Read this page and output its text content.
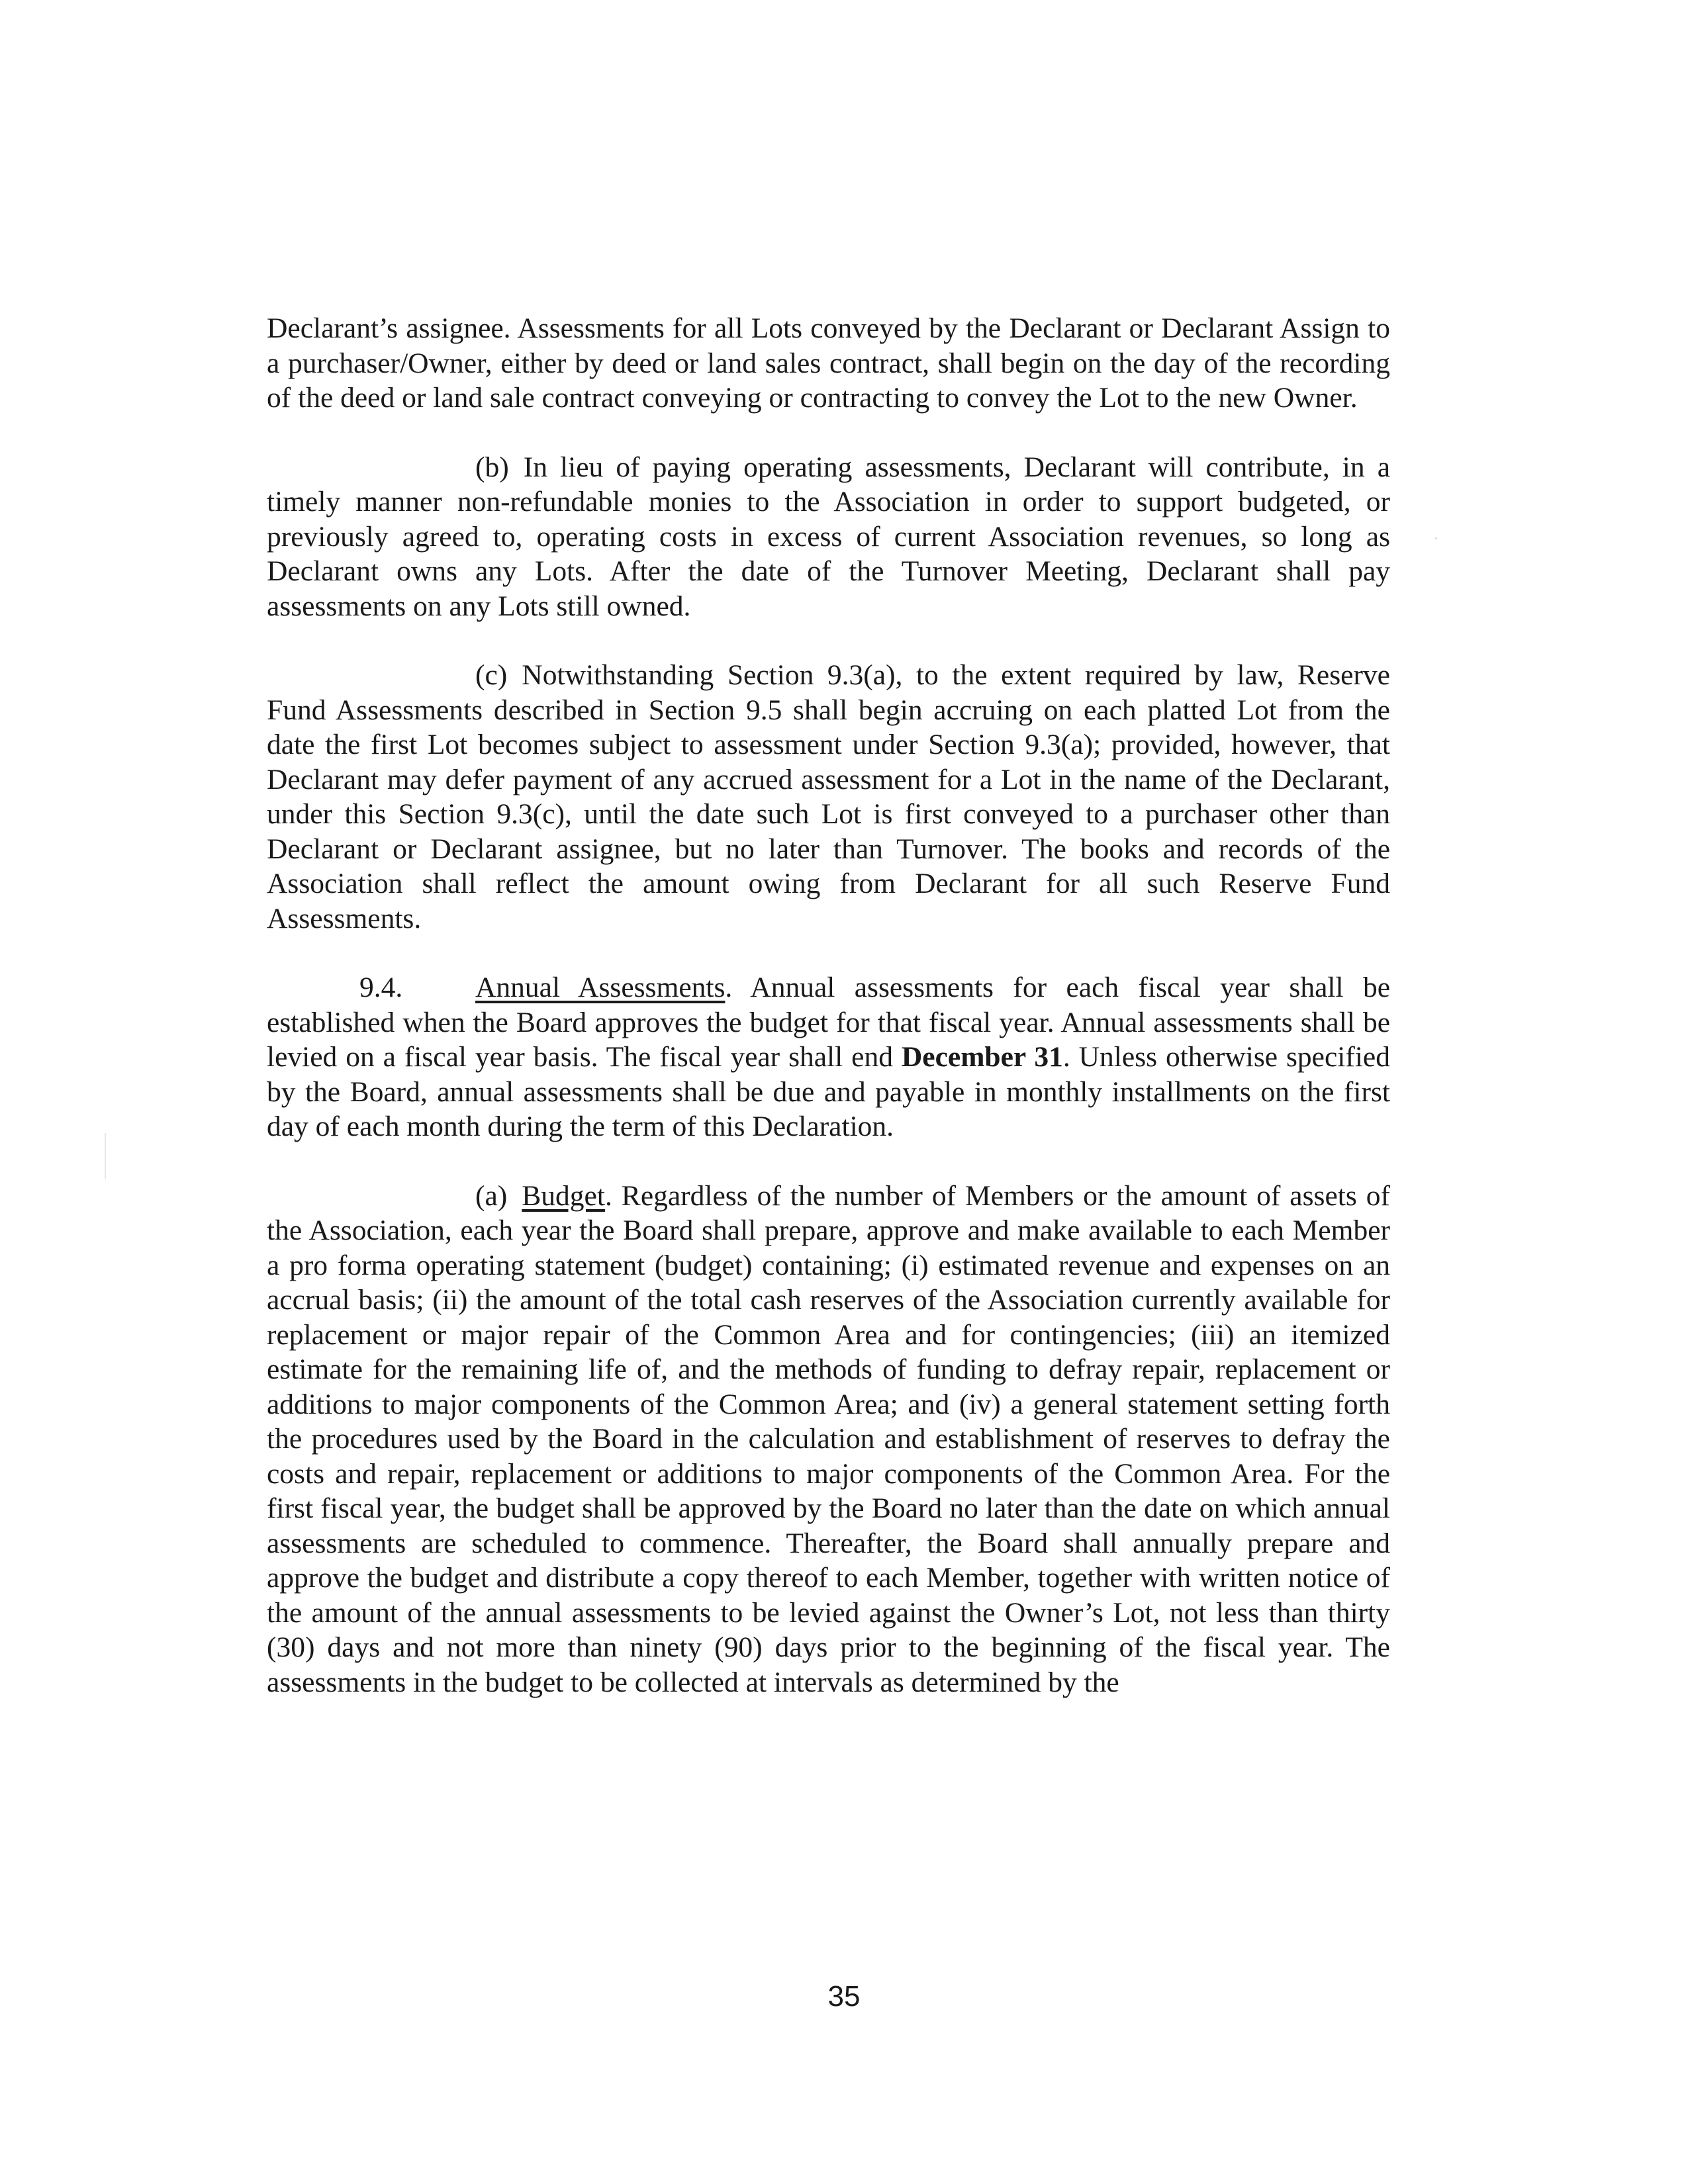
Declarant’s assignee. Assessments for all Lots conveyed by the Declarant or Declarant Assign to a purchaser/Owner, either by deed or land sales contract, shall begin on the day of the recording of the deed or land sale contract conveying or contracting to convey the Lot to the new Owner.

(b) In lieu of paying operating assessments, Declarant will contribute, in a timely manner non-refundable monies to the Association in order to support budgeted, or previously agreed to, operating costs in excess of current Association revenues, so long as Declarant owns any Lots. After the date of the Turnover Meeting, Declarant shall pay assessments on any Lots still owned.

(c) Notwithstanding Section 9.3(a), to the extent required by law, Reserve Fund Assessments described in Section 9.5 shall begin accruing on each platted Lot from the date the first Lot becomes subject to assessment under Section 9.3(a); provided, however, that Declarant may defer payment of any accrued assessment for a Lot in the name of the Declarant, under this Section 9.3(c), until the date such Lot is first conveyed to a purchaser other than Declarant or Declarant assignee, but no later than Turnover. The books and records of the Association shall reflect the amount owing from Declarant for all such Reserve Fund Assessments.

9.4.	Annual Assessments. Annual assessments for each fiscal year shall be established when the Board approves the budget for that fiscal year. Annual assessments shall be levied on a fiscal year basis. The fiscal year shall end December 31. Unless otherwise specified by the Board, annual assessments shall be due and payable in monthly installments on the first day of each month during the term of this Declaration.

(a) Budget. Regardless of the number of Members or the amount of assets of the Association, each year the Board shall prepare, approve and make available to each Member a pro forma operating statement (budget) containing; (i) estimated revenue and expenses on an accrual basis; (ii) the amount of the total cash reserves of the Association currently available for replacement or major repair of the Common Area and for contingencies; (iii) an itemized estimate for the remaining life of, and the methods of funding to defray repair, replacement or additions to major components of the Common Area; and (iv) a general statement setting forth the procedures used by the Board in the calculation and establishment of reserves to defray the costs and repair, replacement or additions to major components of the Common Area. For the first fiscal year, the budget shall be approved by the Board no later than the date on which annual assessments are scheduled to commence. Thereafter, the Board shall annually prepare and approve the budget and distribute a copy thereof to each Member, together with written notice of the amount of the annual assessments to be levied against the Owner’s Lot, not less than thirty (30) days and not more than ninety (90) days prior to the beginning of the fiscal year. The assessments in the budget to be collected at intervals as determined by the

35
